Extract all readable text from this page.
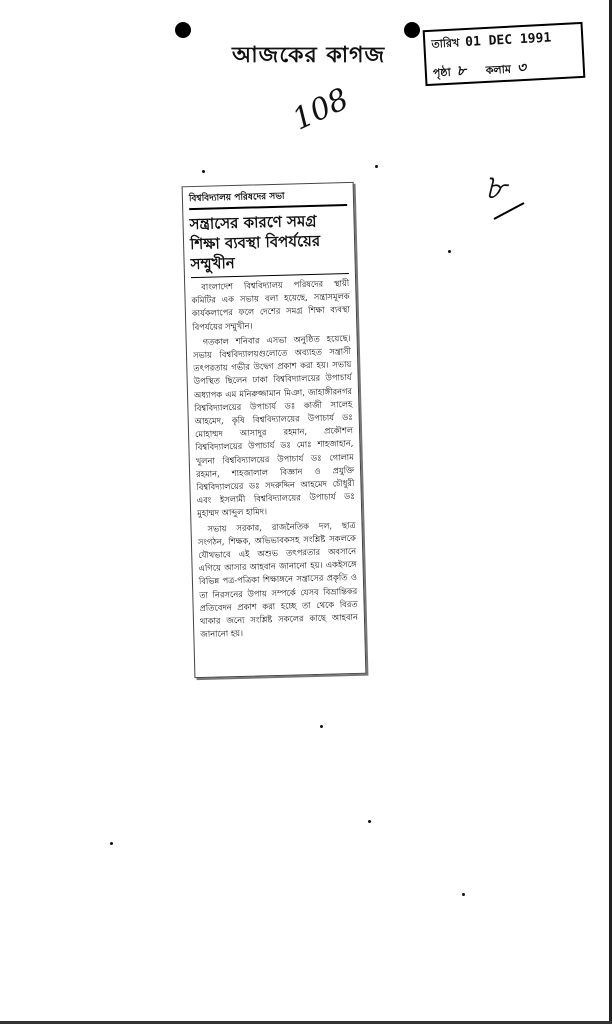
আজকের কাগজ	তারিখ 01 DEC 1991
পৃষ্ঠা ৮ কলাম ৩
108
৮
বিশ্ববিদ্যালয় পরিষদের সভা
সন্ত্রাসের কারণে সমগ্র শিক্ষা ব্যবস্থা বিপর্যয়ের সম্মুখীন

বাংলাদেশ বিশ্ববিদ্যালয় পরিষদের স্থায়ী কমিটির এক সভায় বলা হয়েছে, সন্ত্রাসমূলক কার্যকলাপের ফলে দেশের সমগ্র শিক্ষা ব্যবস্থা বিপর্যয়ের সম্মুখীন।

গতকাল শনিবার এসভা অনুষ্ঠিত হয়েছে। সভায় বিশ্ববিদ্যালয়গুলোতে অব্যাহত সন্ত্রাসী তৎপরতায় গভীর উদ্বেগ প্রকাশ করা হয়। সভায় উপস্থিত ছিলেন ঢাকা বিশ্ববিদ্যালয়ের উপাচার্য অধ্যাপক এম মনিরুজ্জামান মিঞা, জাহাঙ্গীরনগর বিশ্ববিদ্যালয়ের উপাচার্য ডঃ কাজী সালেহ আহমেদ, কৃষি বিশ্ববিদ্যালয়ের উপাচার্য ডঃ মোহাম্মদ আসাদুর রহমান, প্রকৌশল বিশ্ববিদ্যালয়ের উপাচার্য ডঃ মোঃ শাহজাহান, খুলনা বিশ্ববিদ্যালয়ের উপাচার্য ডঃ গোলাম রহমান, শাহজালাল বিজ্ঞান ও প্রযুক্তি বিশ্ববিদ্যালয়ের ডঃ সদরুদ্দিন আহমেদ চৌধুরী এবং ইসলামী বিশ্ববিদ্যালয়ের উপাচার্য ডঃ মুহাম্মদ আব্দুল হামিদ।

সভায় সরকার, রাজনৈতিক দল, ছাত্র সংগঠন, শিক্ষক, অভিভাবকসহ সংশ্লিষ্ট সকলকে যৌথভাবে এই অশুভ তৎপরতার অবসানে এগিয়ে আসার আহবান জানানো হয়। একইসঙ্গে বিভিন্ন পত্র-পত্রিকা শিক্ষাঙ্গনে সন্ত্রাসের প্রকৃতি ও তা নিরসনের উপায় সম্পর্কে যেসব বিভ্রান্তিকর প্রতিবেদন প্রকাশ করা হচ্ছে তা থেকে বিরত থাকার জন্যে সংশ্লিষ্ট সকলের কাছে আহবান জানানো হয়।
